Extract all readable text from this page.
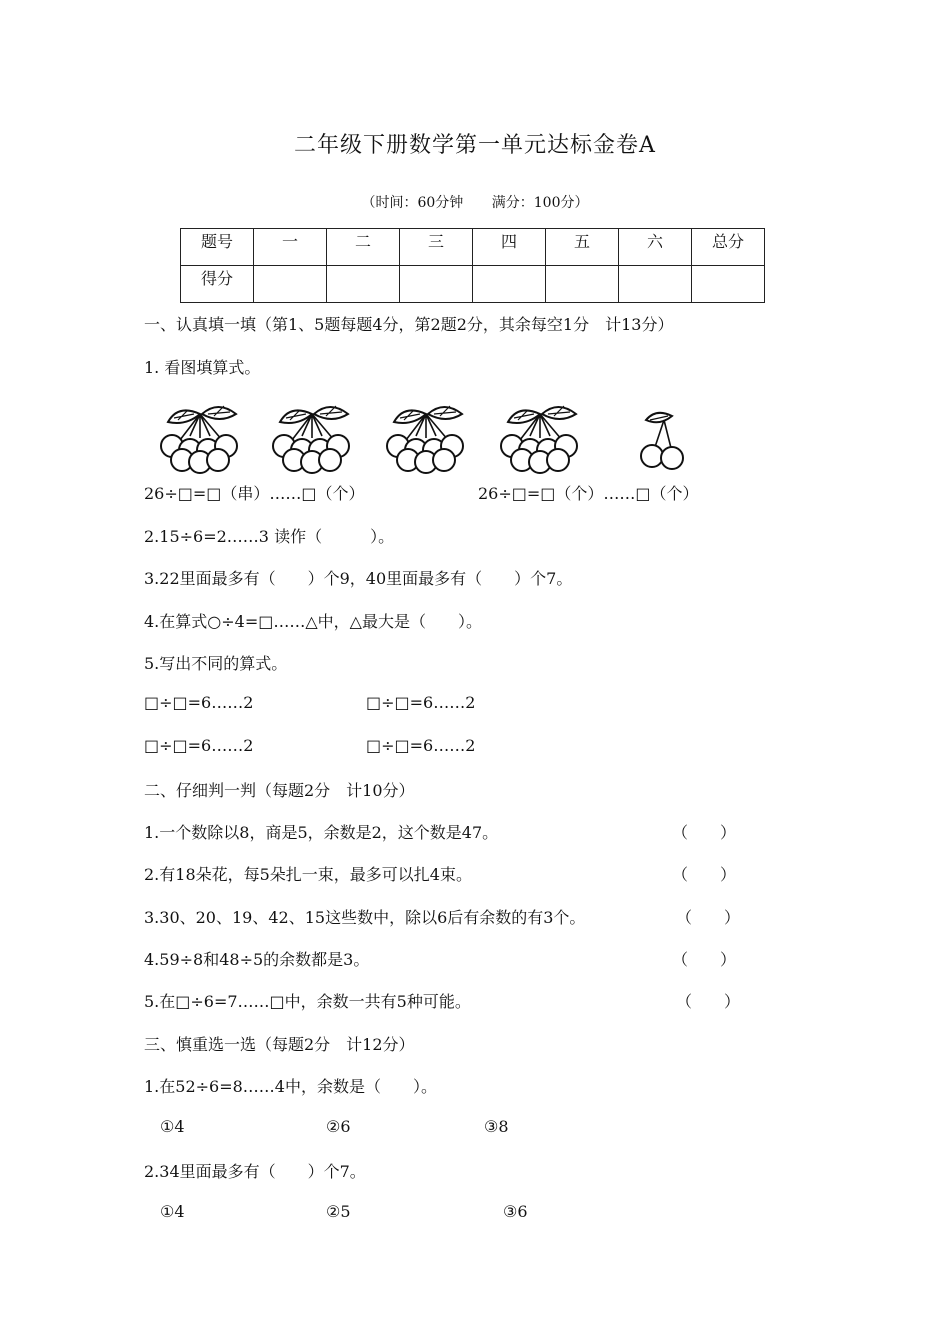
二年级下册数学第一单元达标金卷A
（时间：60分钟 满分：100分）
题号	一	二	三	四	五	六	总分
得分							
一、认真填一填（第1、5题每题4分，第2题2分，其余每空1分　计13分）
1. 看图填算式。
26÷□=□（串）……□（个）	26÷□=□（个）……□（个）
2.15÷6=2……3 读作（　　　）。
3.22里面最多有（　　）个9，40里面最多有（　　）个7。
4.在算式○÷4=□……△中，△最大是（　　）。
5.写出不同的算式。
□÷□=6……2	□÷□=6……2
□÷□=6……2	□÷□=6……2
二、仔细判一判（每题2分　计10分）
1.一个数除以8，商是5，余数是2，这个数是47。	（　　）
2.有18朵花，每5朵扎一束，最多可以扎4束。	（　　）
3.30、20、19、42、15这些数中，除以6后有余数的有3个。	（　　）
4.59÷8和48÷5的余数都是3。	（　　）
5.在□÷6=7……□中，余数一共有5种可能。	（　　）
三、慎重选一选（每题2分　计12分）
1.在52÷6=8……4中，余数是（　　）。
①4	②6	③8
2.34里面最多有（　　）个7。
①4	②5	③6
